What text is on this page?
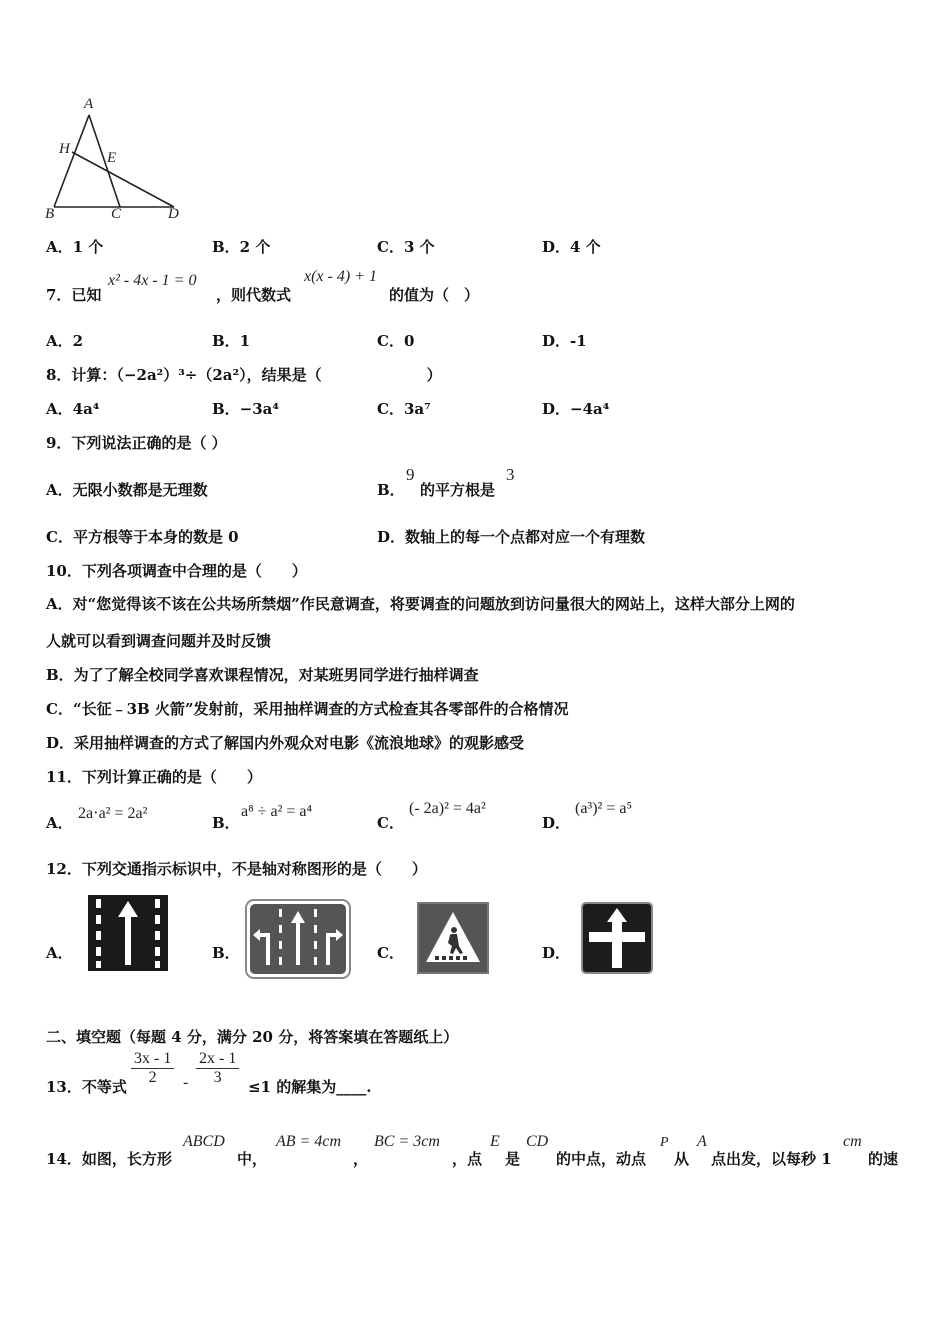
A
H
E
B	C	D
A．1 个	B．2 个	C．3 个	D．4 个
7．已知
x² - 4x - 1 = 0
，则代数式
x(x - 4) + 1
的值为（　）
A．2	B．1	C．0	D．-1
8．计算：（−2a²）³÷（2a²），结果是（　　　　　　　）
A．4a⁴	B．−3a⁴	C．3a⁷	D．−4a⁴
9．下列说法正确的是（ ）
A．无限小数都是无理数	B．
9
的平方根是
3
C．平方根等于本身的数是 0	D．数轴上的每一个点都对应一个有理数
10．下列各项调查中合理的是（　　）
A．对“您觉得该不该在公共场所禁烟”作民意调查，将要调查的问题放到访问量很大的网站上，这样大部分上网的
人就可以看到调查问题并及时反馈
B．为了了解全校同学喜欢课程情况，对某班男同学进行抽样调查
C．“长征﹣3B 火箭”发射前，采用抽样调查的方式检查其各零部件的合格情况
D．采用抽样调查的方式了解国内外观众对电影《流浪地球》的观影感受
11．下列计算正确的是（　　）
A．
2a⋅a² = 2a²
B．
a⁸ ÷ a² = a⁴
C．
(- 2a)² = 4a²
D．
(a³)² = a⁵
12．下列交通指示标识中，不是轴对称图形的是（　　）
A．	B．	C．	D．
二、填空题（每题 4 分，满分 20 分，将答案填在答题纸上）
13．不等式 $\frac{3x - 1}{2} - \frac{2x - 1}{3} \le 1$ 的解集为____.
14．如图，长方形
ABCD
中，
AB = 4cm
，
BC = 3cm
，点
E
是
CD
的中点，动点
P
从
A
点出发，以每秒 1
cm
的速
